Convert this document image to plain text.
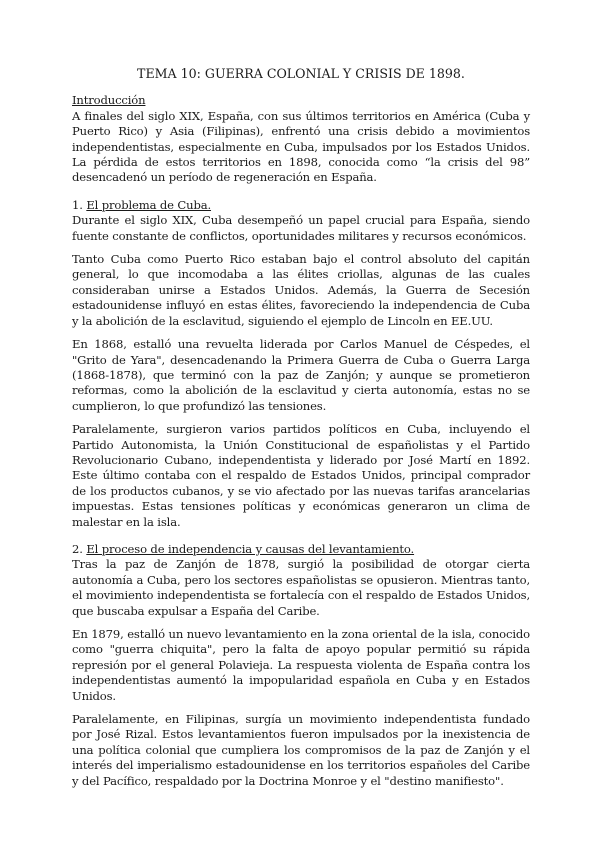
TEMA 10: GUERRA COLONIAL Y CRISIS DE 1898.
Introducción

A finales del siglo XIX, España, con sus últimos territorios en América (Cuba y Puerto Rico) y Asia (Filipinas), enfrentó una crisis debido a movimientos independentistas, especialmente en Cuba, impulsados por los Estados Unidos. La pérdida de estos territorios en 1898, conocida como “la crisis del 98” desencadenó un período de regeneración en España.

1. El problema de Cuba.

Durante el siglo XIX, Cuba desempeñó un papel crucial para España, siendo fuente constante de conflictos, oportunidades militares y recursos económicos.

Tanto Cuba como Puerto Rico estaban bajo el control absoluto del capitán general, lo que incomodaba a las élites criollas, algunas de las cuales consideraban unirse a Estados Unidos. Además, la Guerra de Secesión estadounidense influyó en estas élites, favoreciendo la independencia de Cuba y la abolición de la esclavitud, siguiendo el ejemplo de Lincoln en EE.UU.

En 1868, estalló una revuelta liderada por Carlos Manuel de Céspedes, el "Grito de Yara", desencadenando la Primera Guerra de Cuba o Guerra Larga (1868-1878), que terminó con la paz de Zanjón; y aunque se prometieron reformas, como la abolición de la esclavitud y cierta autonomía, estas no se cumplieron, lo que profundizó las tensiones.

Paralelamente, surgieron varios partidos políticos en Cuba, incluyendo el Partido Autonomista, la Unión Constitucional de españolistas y el Partido Revolucionario Cubano, independentista y liderado por José Martí en 1892. Este último contaba con el respaldo de Estados Unidos, principal comprador de los productos cubanos, y se vio afectado por las nuevas tarifas arancelarias impuestas. Estas tensiones políticas y económicas generaron un clima de malestar en la isla.

2. El proceso de independencia y causas del levantamiento.

Tras la paz de Zanjón de 1878, surgió la posibilidad de otorgar cierta autonomía a Cuba, pero los sectores españolistas se opusieron. Mientras tanto, el movimiento independentista se fortalecía con el respaldo de Estados Unidos, que buscaba expulsar a España del Caribe.

En 1879, estalló un nuevo levantamiento en la zona oriental de la isla, conocido como "guerra chiquita", pero la falta de apoyo popular permitió su rápida represión por el general Polavieja. La respuesta violenta de España contra los independentistas aumentó la impopularidad española en Cuba y en Estados Unidos.

Paralelamente, en Filipinas, surgía un movimiento independentista fundado por José Rizal. Estos levantamientos fueron impulsados por la inexistencia de una política colonial que cumpliera los compromisos de la paz de Zanjón y el interés del imperialismo estadounidense en los territorios españoles del Caribe y del Pacífico, respaldado por la Doctrina Monroe y el "destino manifiesto".
